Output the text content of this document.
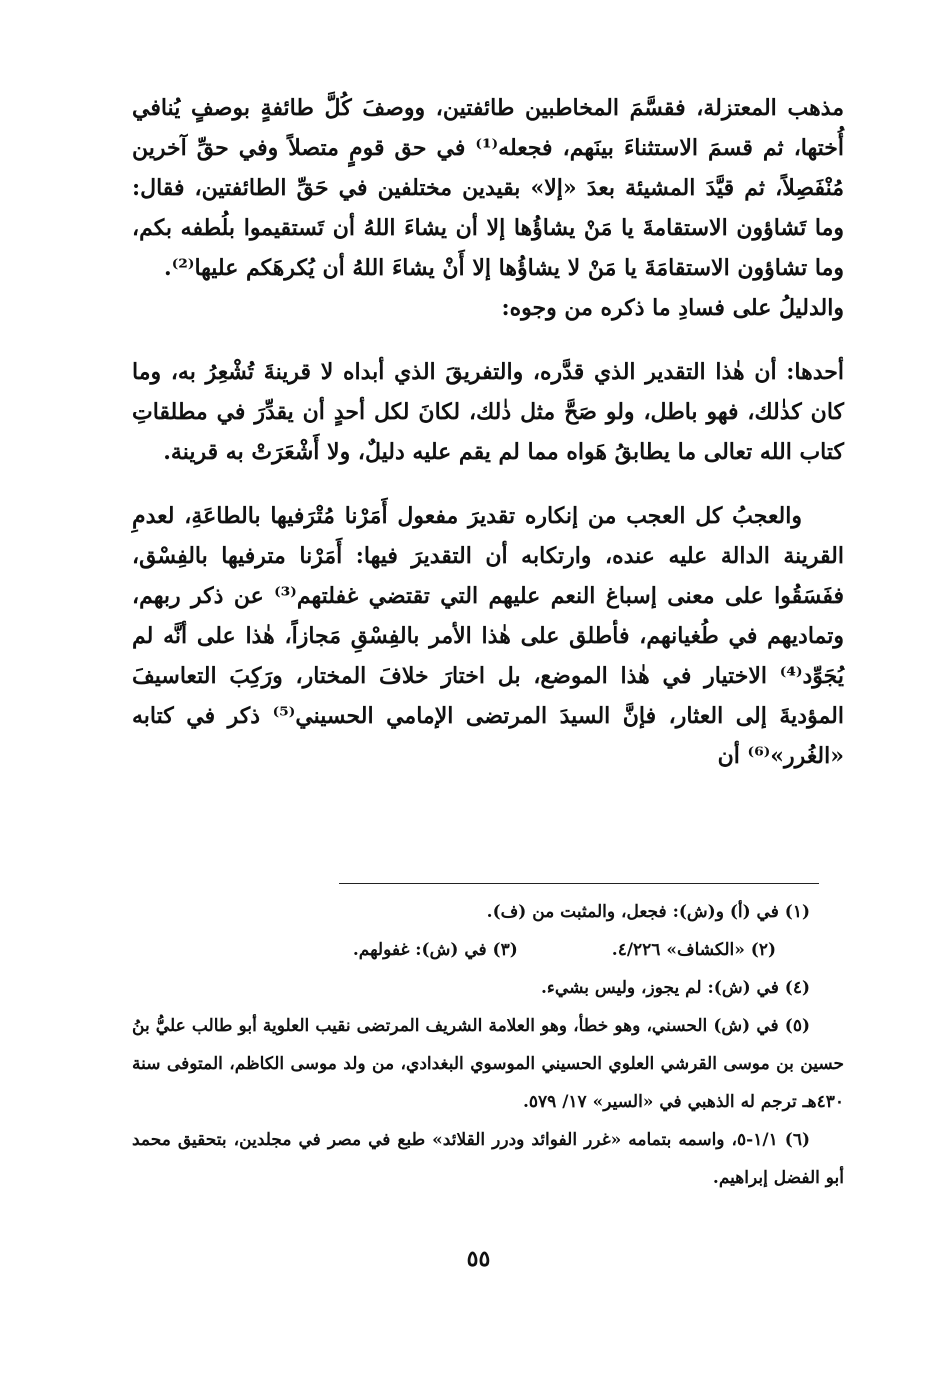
مذهب المعتزلة، فقسَّمَ المخاطبين طائفتين، ووصفَ كُلَّ طائفةٍ بوصفٍ يُنافي أُختها، ثم قسمَ الاستثناءَ بينَهم، فجعله⁽¹⁾ في حق قومٍ متصلاً وفي حقِّ آخرين مُنْفَصِلاً، ثم قيَّدَ المشيئة بعدَ «إلا» بقيدين مختلفين في حَقِّ الطائفتين، فقال: وما تَشاؤون الاستقامةَ يا مَنْ يشاؤُها إلا أن يشاءَ اللهُ أن تَستقيموا بلُطفه بكم، وما تشاؤون الاستقامَةَ يا مَنْ لا يشاؤُها إلا أَنْ يشاءَ اللهُ أن يُكرهَكم عليها⁽²⁾.

والدليلُ على فسادِ ما ذكره من وجوه:

أحدها: أن هٰذا التقدير الذي قدَّره، والتفريقَ الذي أبداه لا قرينةَ تُشْعِرُ به، وما كان كذٰلك، فهو باطل، ولو صَحَّ مثل ذٰلك، لكانَ لكل أحدٍ أن يقدِّرَ في مطلقاتِ كتاب الله تعالى ما يطابقُ هَواه مما لم يقم عليه دليلٌ، ولا أَشْعَرَتْ به قرينة.

والعجبُ كل العجب من إنكاره تقديرَ مفعول أَمَرْنا مُتْرَفيها بالطاعَةِ، لعدمِ القرينة الدالة عليه عنده، وارتكابه أن التقديرَ فيها: أَمَرْنا مترفيها بالفِسْق، ففَسَقُوا على معنى إسباغ النعم عليهم التي تقتضي غفلتهم⁽³⁾ عن ذكر ربهم، وتماديهم في طُغيانهم، فأطلق على هٰذا الأمر بالفِسْقِ مَجازاً، هٰذا على أنَّه لم يُجَوِّد⁽⁴⁾ الاختيار في هٰذا الموضع، بل اختارَ خلافَ المختار، ورَكِبَ التعاسيفَ المؤديةَ إلى العثار، فإنَّ السيدَ المرتضى الإمامي الحسيني⁽⁵⁾ ذكر في كتابه «الغُرر»⁽⁶⁾ أن

(١) في (أ) و(ش): فجعل، والمثبت من (ف).

(٢) «الكشاف» ٤/٢٢٦.
(٣) في (ش): غفولهم.

(٤) في (ش): لم يجوز، وليس بشيء.

(٥) في (ش) الحسني، وهو خطأ، وهو العلامة الشريف المرتضى نقيب العلوية أبو طالب عليُّ بنُ حسين بن موسى القرشي العلوي الحسيني الموسوي البغدادي، من ولد موسى الكاظم، المتوفى سنة ٤٣٠هـ ترجم له الذهبي في «السير» ١٧/ ٥٧٩.

(٦) ١/١-٥، واسمه بتمامه «غرر الفوائد ودرر القلائد» طبع في مصر في مجلدين، بتحقيق محمد أبو الفضل إبراهيم.

٥٥
